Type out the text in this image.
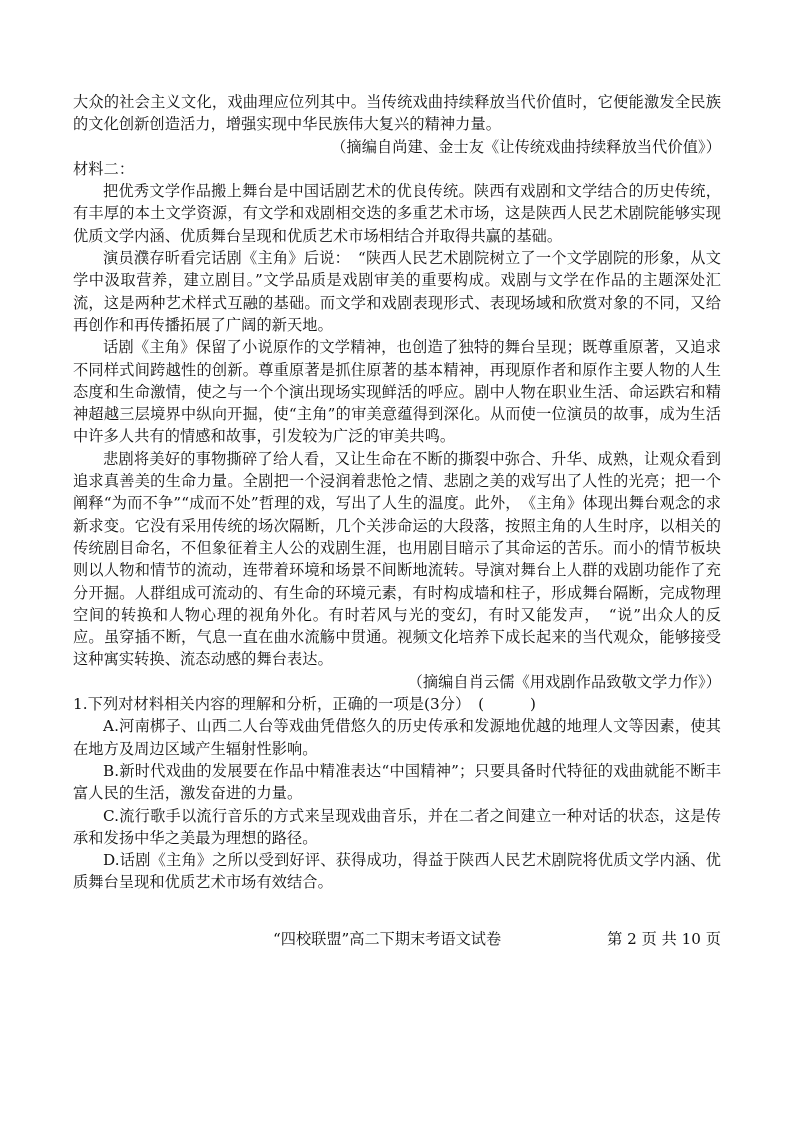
大众的社会主义文化，戏曲理应位列其中。当传统戏曲持续释放当代价值时，它便能激发全民族的文化创新创造活力，增强实现中华民族伟大复兴的精神力量。

（摘编自尚建、金士友《让传统戏曲持续释放当代价值》）

材料二：

把优秀文学作品搬上舞台是中国话剧艺术的优良传统。陕西有戏剧和文学结合的历史传统，有丰厚的本土文学资源，有文学和戏剧相交迭的多重艺术市场，这是陕西人民艺术剧院能够实现优质文学内涵、优质舞台呈现和优质艺术市场相结合并取得共赢的基础。

演员濮存昕看完话剧《主角》后说：　“陕西人民艺术剧院树立了一个文学剧院的形象，从文学中汲取营养，建立剧目。”文学品质是戏剧审美的重要构成。戏剧与文学在作品的主题深处汇流，这是两种艺术样式互融的基础。而文学和戏剧表现形式、表现场域和欣赏对象的不同，又给再创作和再传播拓展了广阔的新天地。

话剧《主角》保留了小说原作的文学精神，也创造了独特的舞台呈现；既尊重原著，又追求不同样式间跨越性的创新。尊重原著是抓住原著的基本精神，再现原作者和原作主要人物的人生态度和生命激情，使之与一个个演出现场实现鲜活的呼应。剧中人物在职业生活、命运跌宕和精神超越三层境界中纵向开掘，使“主角”的审美意蕴得到深化。从而使一位演员的故事，成为生活中许多人共有的情感和故事，引发较为广泛的审美共鸣。

悲剧将美好的事物撕碎了给人看，又让生命在不断的撕裂中弥合、升华、成熟，让观众看到追求真善美的生命力量。全剧把一个浸润着悲怆之情、悲剧之美的戏写出了人性的光亮；把一个阐释“为而不争”“成而不处”哲理的戏，写出了人生的温度。此外，　《主角》体现出舞台观念的求新求变。它没有采用传统的场次隔断，几个关涉命运的大段落，按照主角的人生时序，以相关的传统剧目命名，不但象征着主人公的戏剧生涯，也用剧目暗示了其命运的苦乐。而小的情节板块则以人物和情节的流动，连带着环境和场景不间断地流转。导演对舞台上人群的戏剧功能作了充分开掘。人群组成可流动的、有生命的环境元素，有时构成墙和柱子，形成舞台隔断，完成物理空间的转换和人物心理的视角外化。有时若风与光的变幻，有时又能发声，　“说”出众人的反应。虽穿插不断，气息一直在曲水流觞中贯通。视频文化培养下成长起来的当代观众，能够接受这种寓实转换、流态动感的舞台表达。

（摘编自肖云儒《用戏剧作品致敬文学力作》）

1.下列对材料相关内容的理解和分析，正确的一项是(3分）　(　　　)

A.河南梆子、山西二人台等戏曲凭借悠久的历史传承和发源地优越的地理人文等因素，使其在地方及周边区域产生辐射性影响。

B.新时代戏曲的发展要在作品中精准表达“中国精神”；只要具备时代特征的戏曲就能不断丰富人民的生活，激发奋进的力量。

C.流行歌手以流行音乐的方式来呈现戏曲音乐，并在二者之间建立一种对话的状态，这是传承和发扬中华之美最为理想的路径。

D.话剧《主角》之所以受到好评、获得成功，得益于陕西人民艺术剧院将优质文学内涵、优质舞台呈现和优质艺术市场有效结合。

“四校联盟”高二下期末考语文试卷	第 2 页 共 10 页
